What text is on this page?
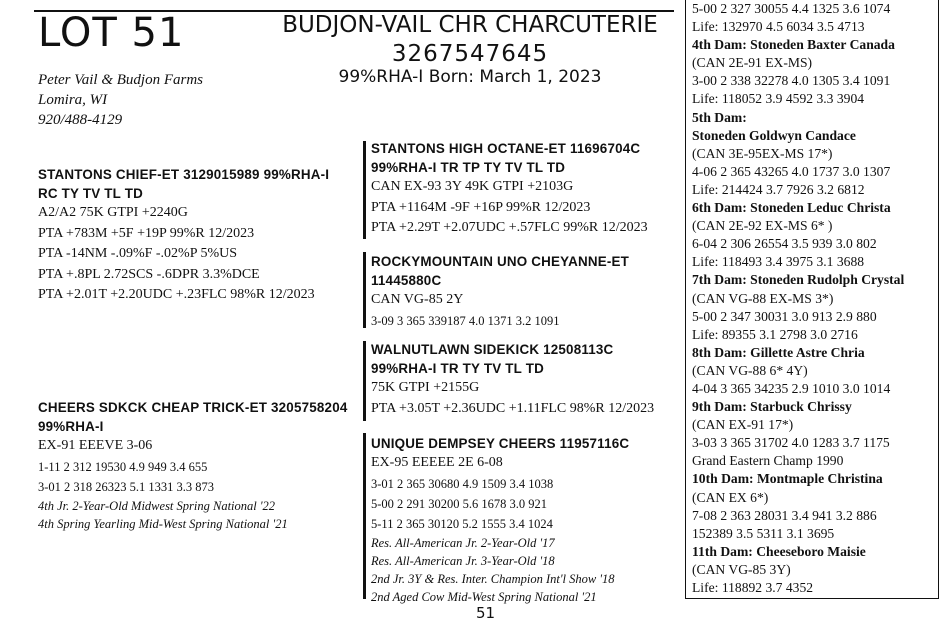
LOT 51	BUDJON-VAIL CHR CHARCUTERIE
3267547645
99%RHA-I Born: March 1, 2023
Peter Vail & Budjon Farms
Lomira, WI
920/488-4129
STANTONS CHIEF-ET 3129015989 99%RHA-I
RC TY TV TL TD
A2/A2 75K GTPI +2240G
PTA +783M +5F +19P 99%R 12/2023
PTA -14NM -.09%F -.02%P 5%US
PTA +.8PL 2.72SCS -.6DPR 3.3%DCE
PTA +2.01T +2.20UDC +.23FLC 98%R 12/2023
STANTONS HIGH OCTANE-ET 11696704C
99%RHA-I TR TP TY TV TL TD
CAN EX-93 3Y 49K GTPI +2103G
PTA +1164M -9F +16P 99%R 12/2023
PTA +2.29T +2.07UDC +.57FLC 99%R 12/2023
ROCKYMOUNTAIN UNO CHEYANNE-ET
11445880C
CAN VG-85 2Y
3-09 3 365 339187 4.0 1371 3.2 1091
CHEERS SDKCK CHEAP TRICK-ET 3205758204
99%RHA-I
EX-91 EEEVE 3-06
1-11 2 312 19530 4.9 949 3.4 655
3-01 2 318 26323 5.1 1331 3.3 873
4th Jr. 2-Year-Old Midwest Spring National '22
4th Spring Yearling Mid-West Spring National '21
WALNUTLAWN SIDEKICK 12508113C
99%RHA-I TR TY TV TL TD
75K GTPI +2155G
PTA +3.05T +2.36UDC +1.11FLC 98%R 12/2023
UNIQUE DEMPSEY CHEERS 11957116C
EX-95 EEEEE 2E 6-08
3-01 2 365 30680 4.9 1509 3.4 1038
5-00 2 291 30200 5.6 1678 3.0 921
5-11 2 365 30120 5.2 1555 3.4 1024
Res. All-American Jr. 2-Year-Old '17
Res. All-American Jr. 3-Year-Old '18
2nd Jr. 3Y & Res. Inter. Champion Int'l Show '18
2nd Aged Cow Mid-West Spring National '21
5-00 2 327 30055 4.4 1325 3.6 1074
Life: 132970 4.5 6034 3.5 4713
4th Dam: Stoneden Baxter Canada
(CAN 2E-91 EX-MS)
3-00 2 338 32278 4.0 1305 3.4 1091
Life: 118052 3.9 4592 3.3 3904
5th Dam:
Stoneden Goldwyn Candace
(CAN 3E-95EX-MS 17*)
4-06 2 365 43265 4.0 1737 3.0 1307
Life: 214424 3.7 7926 3.2 6812
6th Dam: Stoneden Leduc Christa
(CAN 2E-92 EX-MS 6* )
6-04 2 306 26554 3.5 939 3.0 802
Life: 118493 3.4 3975 3.1 3688
7th Dam: Stoneden Rudolph Crystal
(CAN VG-88 EX-MS 3*)
5-00 2 347 30031 3.0 913 2.9 880
Life: 89355 3.1 2798 3.0 2716
8th Dam: Gillette Astre Chria
(CAN VG-88 6* 4Y)
4-04 3 365 34235 2.9 1010 3.0 1014
9th Dam: Starbuck Chrissy
(CAN EX-91 17*)
3-03 3 365 31702 4.0 1283 3.7 1175
Grand Eastern Champ 1990
10th Dam: Montmaple Christina
(CAN EX 6*)
7-08 2 363 28031 3.4 941 3.2 886
152389 3.5 5311 3.1 3695
11th Dam: Cheeseboro Maisie
(CAN VG-85 3Y)
Life: 118892 3.7 4352
51
